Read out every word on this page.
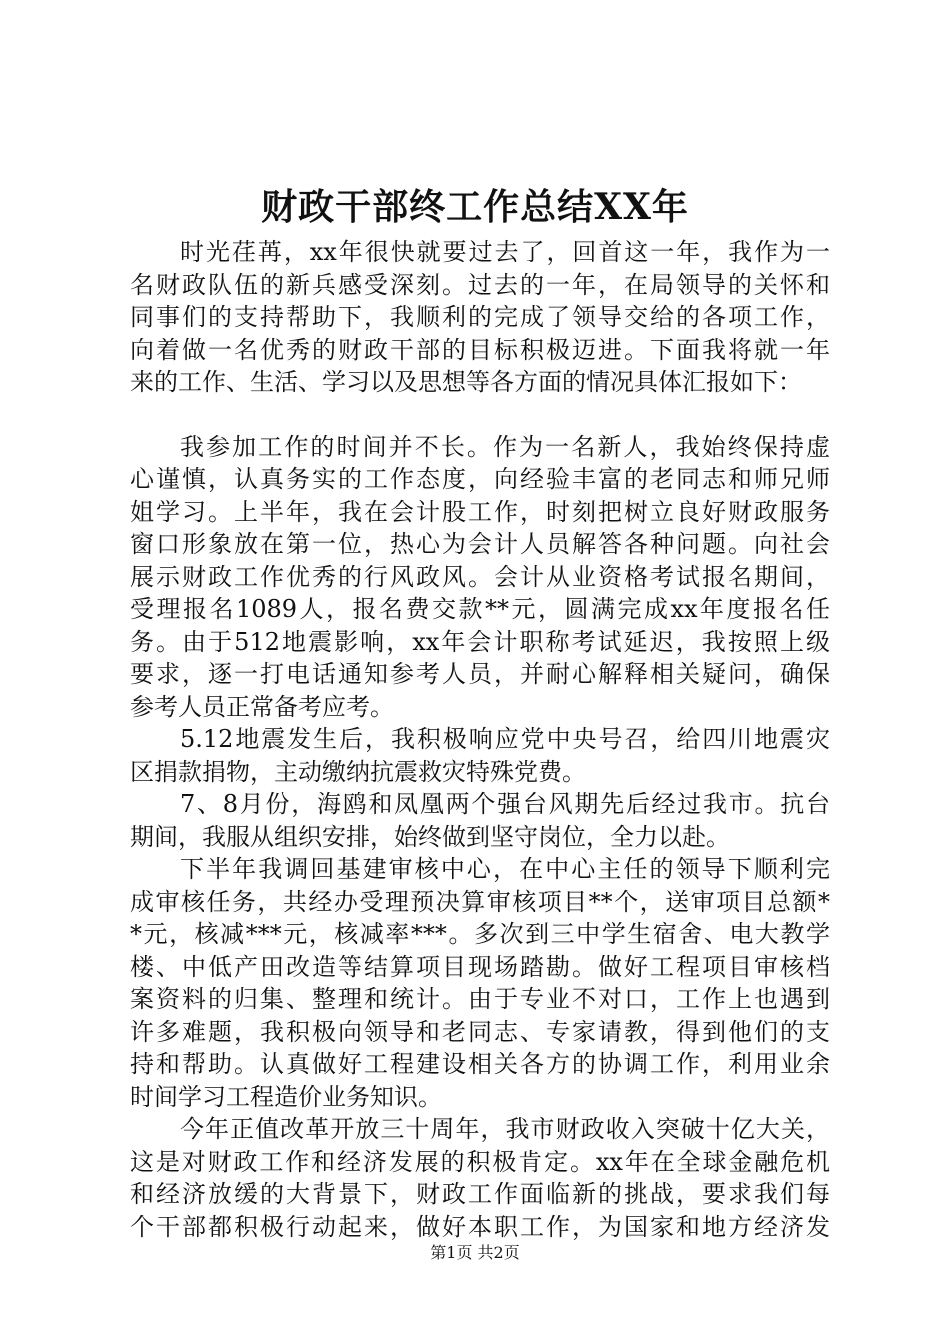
财政干部终工作总结XX年
时光荏苒，xx年很快就要过去了，回首这一年，我作为一
名财政队伍的新兵感受深刻。过去的一年，在局领导的关怀和
同事们的支持帮助下，我顺利的完成了领导交给的各项工作，
向着做一名优秀的财政干部的目标积极迈进。下面我将就一年
来的工作、生活、学习以及思想等各方面的情况具体汇报如下：
我参加工作的时间并不长。作为一名新人，我始终保持虚
心谨慎，认真务实的工作态度，向经验丰富的老同志和师兄师
姐学习。上半年，我在会计股工作，时刻把树立良好财政服务
窗口形象放在第一位，热心为会计人员解答各种问题。向社会
展示财政工作优秀的行风政风。会计从业资格考试报名期间，
受理报名1089人，报名费交款**元，圆满完成xx年度报名任
务。由于512地震影响，xx年会计职称考试延迟，我按照上级
要求，逐一打电话通知参考人员，并耐心解释相关疑问，确保
参考人员正常备考应考。
5.12地震发生后，我积极响应党中央号召，给四川地震灾
区捐款捐物，主动缴纳抗震救灾特殊党费。
7、8月份，海鸥和凤凰两个强台风期先后经过我市。抗台
期间，我服从组织安排，始终做到坚守岗位，全力以赴。
下半年我调回基建审核中心，在中心主任的领导下顺利完
成审核任务，共经办受理预决算审核项目**个，送审项目总额*
*元，核减***元，核减率***。多次到三中学生宿舍、电大教学
楼、中低产田改造等结算项目现场踏勘。做好工程项目审核档
案资料的归集、整理和统计。由于专业不对口，工作上也遇到
许多难题，我积极向领导和老同志、专家请教，得到他们的支
持和帮助。认真做好工程建设相关各方的协调工作，利用业余
时间学习工程造价业务知识。
今年正值改革开放三十周年，我市财政收入突破十亿大关，
这是对财政工作和经济发展的积极肯定。xx年在全球金融危机
和经济放缓的大背景下，财政工作面临新的挑战，要求我们每
个干部都积极行动起来，做好本职工作，为国家和地方经济发
第1页 共2页
